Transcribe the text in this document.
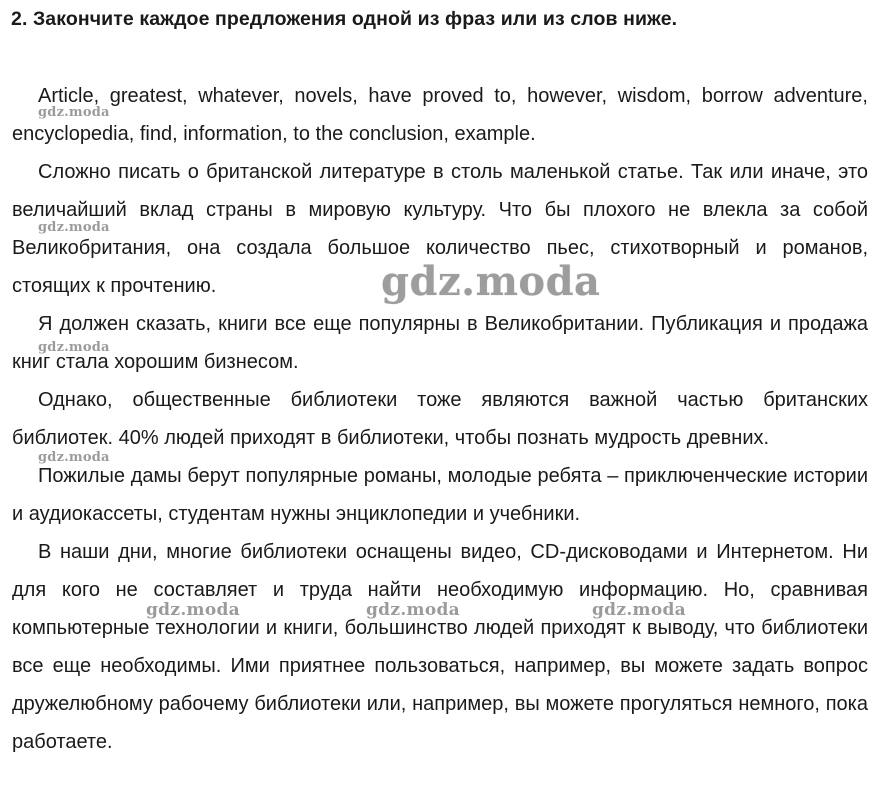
2. Закончите каждое предложения одной из фраз или из слов ниже.

Article, greatest, whatever, novels, have proved to, however, wisdom, borrow adventure, encyclopedia, find, information, to the conclusion, example.

Сложно писать о британской литературе в столь маленькой статье. Так или иначе, это величайший вклад страны в мировую культуру. Что бы плохого не влекла за собой Великобритания, она создала большое количество пьес, стихотворный и романов, стоящих к прочтению.

Я должен сказать, книги все еще популярны в Великобритании. Публикация и продажа книг стала хорошим бизнесом.

Однако, общественные библиотеки тоже являются важной частью британских библиотек. 40% людей приходят в библиотеки, чтобы познать мудрость древних.

Пожилые дамы берут популярные романы, молодые ребята – приключенческие истории и аудиокассеты, студентам нужны энциклопедии и учебники.

В наши дни, многие библиотеки оснащены видео, CD-дисководами и Интернетом. Ни для кого не составляет и труда найти необходимую информацию. Но, сравнивая компьютерные технологии и книги, большинство людей приходят к выводу, что библиотеки все еще необходимы. Ими приятнее пользоваться, например, вы можете задать вопрос дружелюбному рабочему библиотеки или, например, вы можете прогуляться немного, пока работаете.

gdz.moda
gdz.moda
gdz.moda
gdz.moda
gdz.moda
gdz.moda	gdz.moda	gdz.moda
